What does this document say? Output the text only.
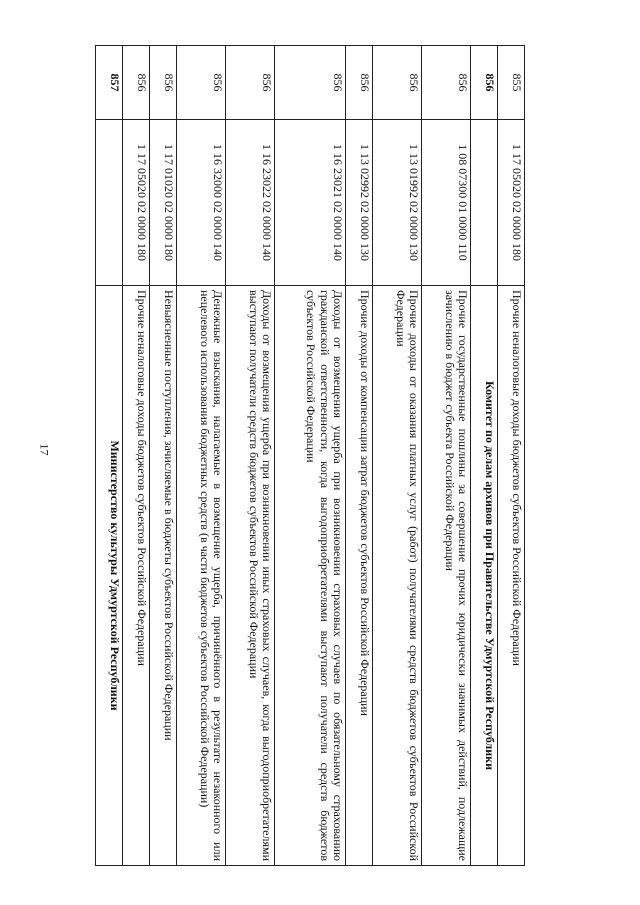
17
855	1 17 05020 02 0000 180	Прочие неналоговые доходы бюджетов субъектов Российской Федерации
856		Комитет по делам архивов при Правительстве Удмуртской Республики
856	1 08 07300 01 0000 110	Прочие государственные пошлины за совершение прочих юридически значимых действий, подлежащие зачислению в бюджет субъекта Российской Федерации
856	1 13 01992 02 0000 130	Прочие доходы от оказания платных услуг (работ) получателями средств бюджетов субъектов Российской Федерации
856	1 13 02992 02 0000 130	Прочие доходы от компенсации затрат бюджетов субъектов Российской Федерации
856	1 16 23021 02 0000 140	Доходы от возмещения ущерба при возникновении страховых случаев по обязательному страхованию гражданской ответственности, когда выгодоприобретателями выступают получатели средств бюджетов субъектов Российской Федерации
856	1 16 23022 02 0000 140	Доходы от возмещения ущерба при возникновении иных страховых случаев, когда выгодоприобретателями выступают получатели средств бюджетов субъектов Российской Федерации
856	1 16 32000 02 0000 140	Денежные взыскания, налагаемые в возмещение ущерба, причинённого в результате незаконного или нецелевого использования бюджетных средств (в части бюджетов субъектов Российской Федерации)
856	1 17 01020 02 0000 180	Невыясненные поступления, зачисляемые в бюджеты субъектов Российской Федерации
856	1 17 05020 02 0000 180	Прочие неналоговые доходы бюджетов субъектов Российской Федерации
857		Министерство культуры Удмуртской Республики
